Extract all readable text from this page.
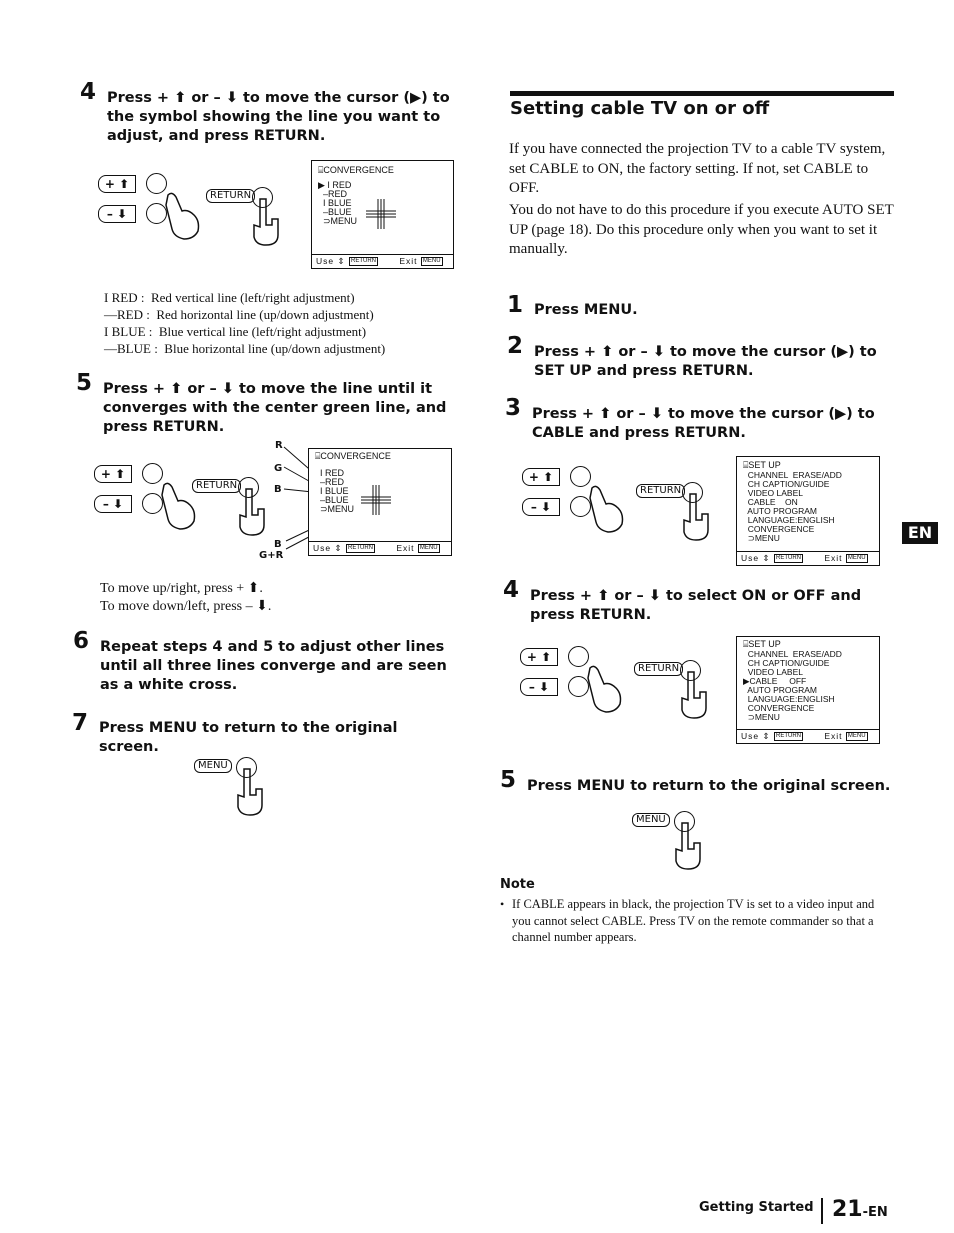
4 Press + ⬆ or – ⬇ to move the cursor (▶) to the symbol showing the line you want to adjust, and press RETURN.
+ ⬆
– ⬇
RETURN
⌸CONVERGENCE
▶ I RED
–RED
I BLUE
–BLUE
⊃MENU
Use ⇕ RETURN	Exit MENU
I RED :  Red vertical line (left/right adjustment)
—RED :  Red horizontal line (up/down adjustment)
I BLUE :  Blue vertical line (left/right adjustment)
—BLUE :  Blue horizontal line (up/down adjustment)
5 Press + ⬆ or – ⬇ to move the line until it converges with the center green line, and press RETURN.
+ ⬆
– ⬇
RETURN
R
G
B
B
G+R
⌸CONVERGENCE
I RED
–RED
I BLUE
–BLUE
⊃MENU
Use ⇕ RETURN	Exit MENU
To move up/right, press + ⬆.
To move down/left, press – ⬇.
6 Repeat steps 4 and 5 to adjust other lines until all three lines converge and are seen as a white cross.
7 Press MENU to return to the original screen.
MENU
Setting cable TV on or off
If you have connected the projection TV to a cable TV system, set CABLE to ON, the factory setting. If not, set CABLE to OFF.
You do not have to do this procedure if you execute AUTO SET UP (page 18). Do this procedure only when you want to set it manually.
1 Press MENU.
2 Press + ⬆ or – ⬇ to move the cursor (▶) to SET UP and press RETURN.
3 Press + ⬆ or – ⬇ to move the cursor (▶) to CABLE and press RETURN.
+ ⬆
– ⬇
RETURN
⌸SET UP
CHANNEL  ERASE/ADD
CH CAPTION/GUIDE
VIDEO LABEL
CABLE    ON
AUTO PROGRAM
LANGUAGE:ENGLISH
CONVERGENCE
⊃MENU
Use ⇕ RETURN	Exit MENU
4 Press + ⬆ or – ⬇ to select ON or OFF and press RETURN.
+ ⬆
– ⬇
RETURN
⌸SET UP
CHANNEL  ERASE/ADD
CH CAPTION/GUIDE
VIDEO LABEL
▶CABLE     OFF
AUTO PROGRAM
LANGUAGE:ENGLISH
CONVERGENCE
⊃MENU
Use ⇕ RETURN	Exit MENU
5 Press MENU to return to the original screen.
MENU
Note
• If CABLE appears in black, the projection TV is set to a video input and you cannot select CABLE. Press TV on the remote commander so that a channel number appears.
EN
Getting Started 21-EN
